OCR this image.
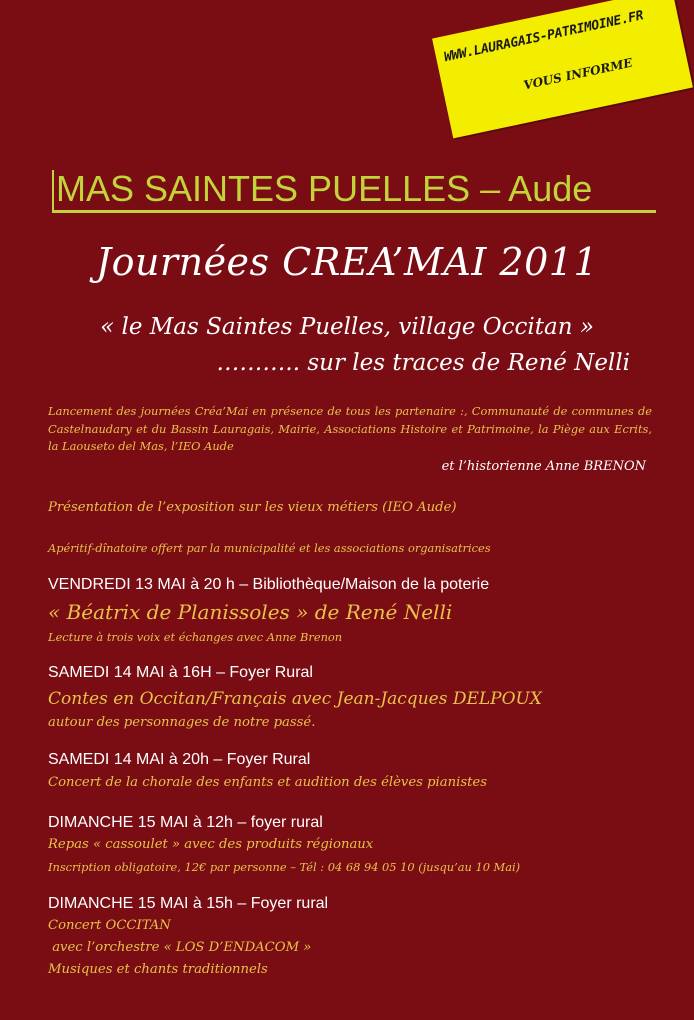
WWW.LAURAGAIS-PATRIMOINE.FR
VOUS INFORME
MAS SAINTES PUELLES – Aude
Journées CREA’MAI 2011
« le Mas Saintes Puelles, village Occitan »
……….. sur les traces de René Nelli
Lancement des journées Créa’Mai en présence de tous les partenaire :, Communauté de communes de Castelnaudary et du Bassin Lauragais, Mairie, Associations Histoire et Patrimoine, la Piège aux Ecrits, la Laouseto del Mas, l’IEO Aude
et l’historienne Anne BRENON
Présentation de l’exposition sur les vieux métiers (IEO Aude)
Apéritif-dînatoire offert par la municipalité et les associations organisatrices
VENDREDI 13 MAI à 20 h – Bibliothèque/Maison de la poterie
« Béatrix de Planissoles » de René Nelli
Lecture à trois voix et échanges avec Anne Brenon
SAMEDI 14 MAI à 16H – Foyer Rural
Contes en Occitan/Français avec Jean-Jacques DELPOUX
autour des personnages de notre passé.
SAMEDI 14 MAI à 20h – Foyer Rural
Concert de la chorale des enfants et audition des élèves pianistes
DIMANCHE 15 MAI à 12h – foyer rural
Repas « cassoulet » avec des produits régionaux
Inscription obligatoire, 12€ par personne – Tél : 04 68 94 05 10 (jusqu’au 10 Mai)
DIMANCHE 15 MAI à 15h – Foyer rural
Concert OCCITAN
avec l’orchestre « LOS D’ENDACOM »
Musiques et chants traditionnels
